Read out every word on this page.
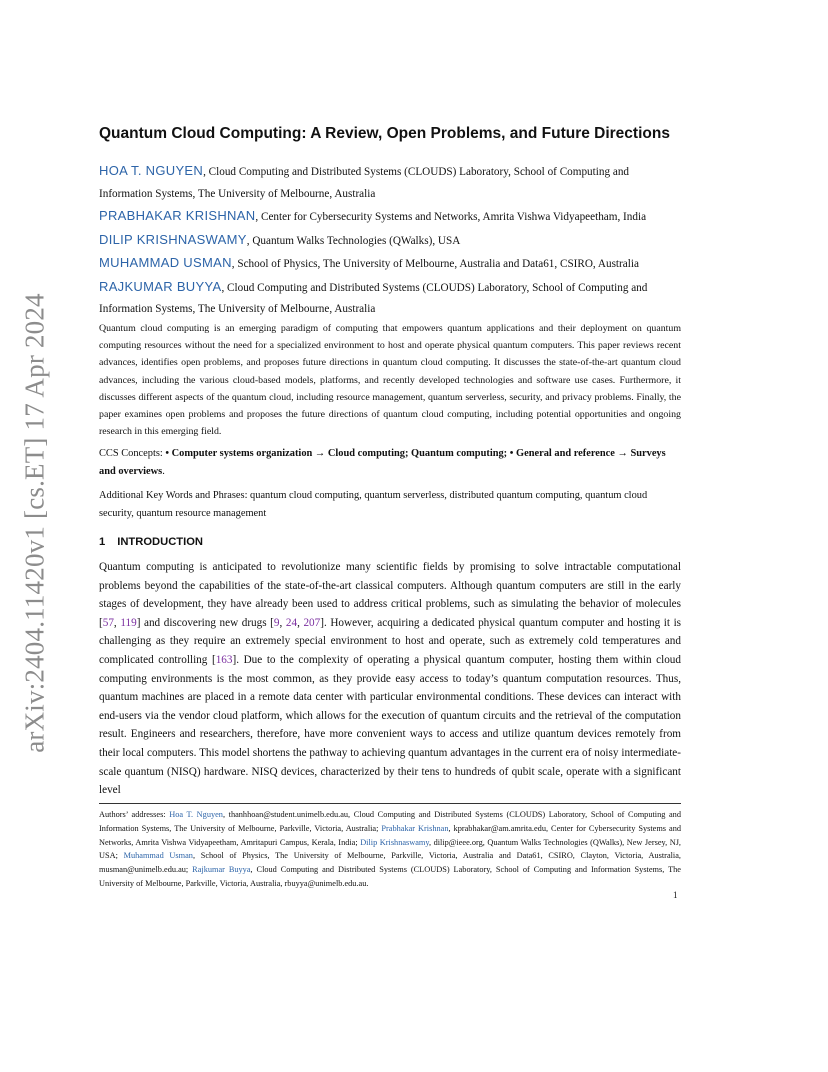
arXiv:2404.11420v1 [cs.ET] 17 Apr 2024
Quantum Cloud Computing: A Review, Open Problems, and Future Directions
HOA T. NGUYEN, Cloud Computing and Distributed Systems (CLOUDS) Laboratory, School of Computing and Information Systems, The University of Melbourne, Australia
PRABHAKAR KRISHNAN, Center for Cybersecurity Systems and Networks, Amrita Vishwa Vidyapeetham, India
DILIP KRISHNASWAMY, Quantum Walks Technologies (QWalks), USA
MUHAMMAD USMAN, School of Physics, The University of Melbourne, Australia and Data61, CSIRO, Australia
RAJKUMAR BUYYA, Cloud Computing and Distributed Systems (CLOUDS) Laboratory, School of Computing and Information Systems, The University of Melbourne, Australia

Quantum cloud computing is an emerging paradigm of computing that empowers quantum applications and their deployment on quantum computing resources without the need for a specialized environment to host and operate physical quantum computers. This paper reviews recent advances, identifies open problems, and proposes future directions in quantum cloud computing. It discusses the state-of-the-art quantum cloud advances, including the various cloud-based models, platforms, and recently developed technologies and software use cases. Furthermore, it discusses different aspects of the quantum cloud, including resource management, quantum serverless, security, and privacy problems. Finally, the paper examines open problems and proposes the future directions of quantum cloud computing, including potential opportunities and ongoing research in this emerging field.

CCS Concepts: • Computer systems organization → Cloud computing; Quantum computing; • General and reference → Surveys and overviews.

Additional Key Words and Phrases: quantum cloud computing, quantum serverless, distributed quantum computing, quantum cloud security, quantum resource management

1 INTRODUCTION

Quantum computing is anticipated to revolutionize many scientific fields by promising to solve intractable computational problems beyond the capabilities of the state-of-the-art classical computers. Although quantum computers are still in the early stages of development, they have already been used to address critical problems, such as simulating the behavior of molecules [57, 119] and discovering new drugs [9, 24, 207]. However, acquiring a dedicated physical quantum computer and hosting it is challenging as they require an extremely special environment to host and operate, such as extremely cold temperatures and complicated controlling [163]. Due to the complexity of operating a physical quantum computer, hosting them within cloud computing environments is the most common, as they provide easy access to today’s quantum computation resources. Thus, quantum machines are placed in a remote data center with particular environmental conditions. These devices can interact with end-users via the vendor cloud platform, which allows for the execution of quantum circuits and the retrieval of the computation result. Engineers and researchers, therefore, have more convenient ways to access and utilize quantum devices remotely from their local computers. This model shortens the pathway to achieving quantum advantages in the current era of noisy intermediate-scale quantum (NISQ) hardware. NISQ devices, characterized by their tens to hundreds of qubit scale, operate with a significant level

Authors’ addresses: Hoa T. Nguyen, thanhhoan@student.unimelb.edu.au, Cloud Computing and Distributed Systems (CLOUDS) Laboratory, School of Computing and Information Systems, The University of Melbourne, Parkville, Victoria, Australia; Prabhakar Krishnan, kprabhakar@am.amrita.edu, Center for Cybersecurity Systems and Networks, Amrita Vishwa Vidyapeetham, Amritapuri Campus, Kerala, India; Dilip Krishnaswamy, dilip@ieee.org, Quantum Walks Technologies (QWalks), New Jersey, NJ, USA; Muhammad Usman, School of Physics, The University of Melbourne, Parkville, Victoria, Australia and Data61, CSIRO, Clayton, Victoria, Australia, musman@unimelb.edu.au; Rajkumar Buyya, Cloud Computing and Distributed Systems (CLOUDS) Laboratory, School of Computing and Information Systems, The University of Melbourne, Parkville, Victoria, Australia, rbuyya@unimelb.edu.au.

1
